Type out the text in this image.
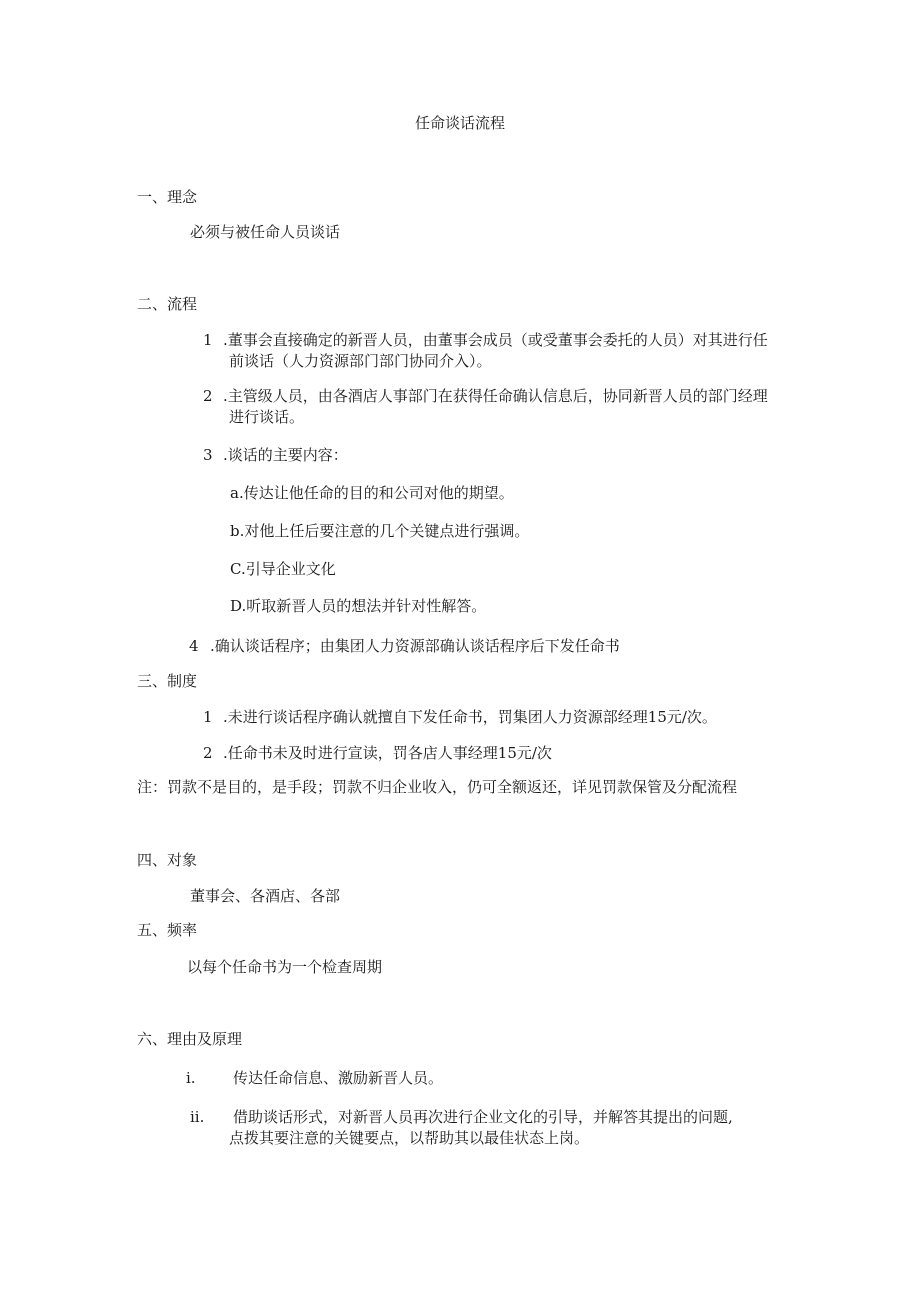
任命谈话流程

一、理念

必须与被任命人员谈话

二、流程

1 .董事会直接确定的新晋人员，由董事会成员（或受董事会委托的人员）对其进行任
前谈话（人力资源部门部门协同介入）。
2 .主管级人员，由各酒店人事部门在获得任命确认信息后，协同新晋人员的部门经理
进行谈话。
3 .谈话的主要内容：

a.传达让他任命的目的和公司对他的期望。

b.对他上任后要注意的几个关键点进行强调。

C.引导企业文化

D.听取新晋人员的想法并针对性解答。

4 .确认谈话程序；由集团人力资源部确认谈话程序后下发任命书

三、制度

1 .未进行谈话程序确认就擅自下发任命书，罚集团人力资源部经理15元/次。
2 .任命书未及时进行宣读，罚各店人事经理15元/次

注：罚款不是目的，是手段；罚款不归企业收入，仍可全额返还，详见罚款保管及分配流程

四、对象

董事会、各酒店、各部

五、频率

以每个任命书为一个检查周期

六、理由及原理

i. 传达任命信息、激励新晋人员。
ii. 借助谈话形式，对新晋人员再次进行企业文化的引导，并解答其提出的问题,
点拨其要注意的关键要点，以帮助其以最佳状态上岗。
